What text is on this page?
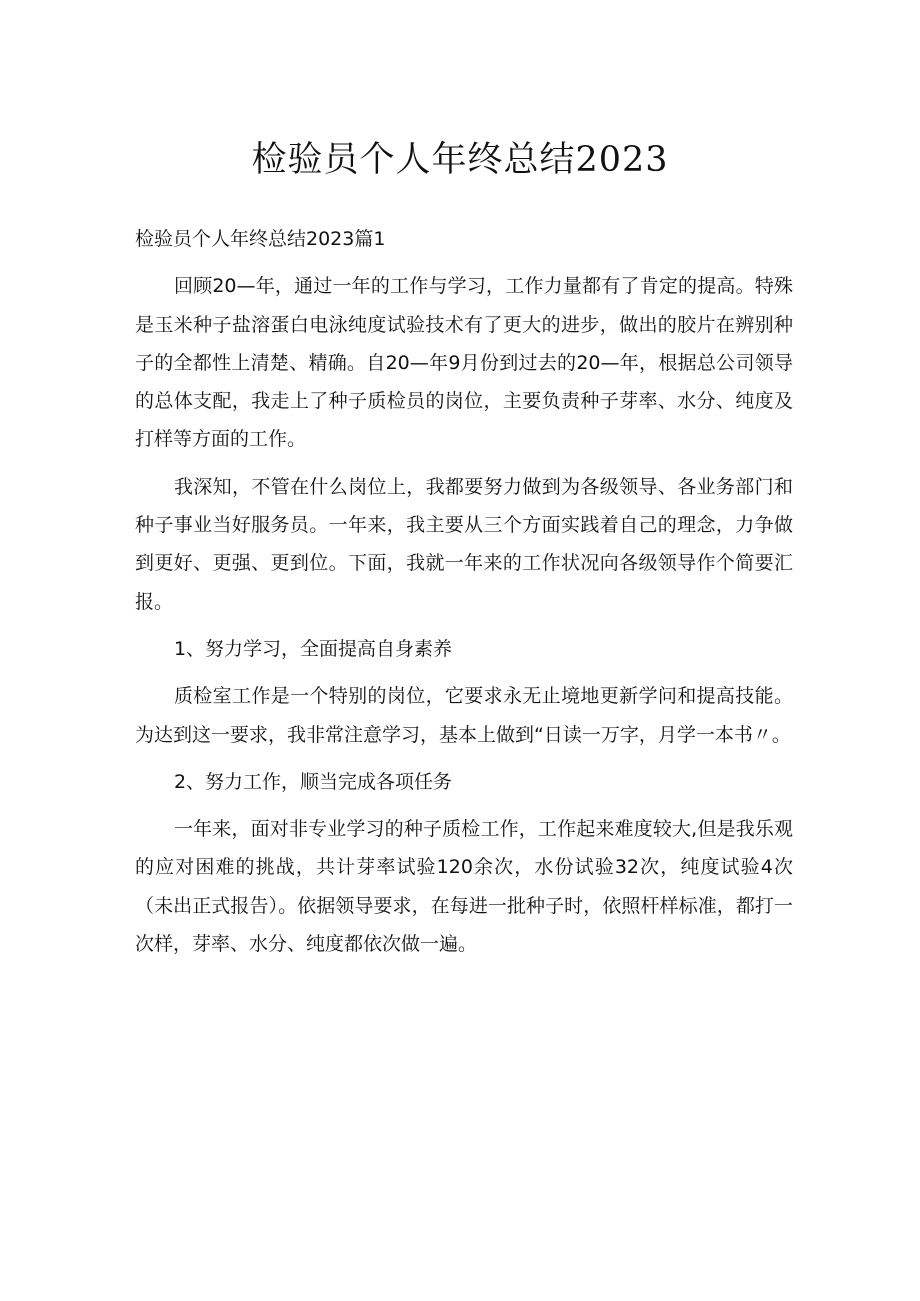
检验员个人年终总结2023

检验员个人年终总结2023篇1

回顾20—年，通过一年的工作与学习，工作力量都有了肯定的提高。特殊是玉米种子盐溶蛋白电泳纯度试验技术有了更大的进步，做出的胶片在辨别种子的全都性上清楚、精确。自20—年9月份到过去的20—年，根据总公司领导的总体支配，我走上了种子质检员的岗位，主要负责种子芽率、水分、纯度及打样等方面的工作。

我深知，不管在什么岗位上，我都要努力做到为各级领导、各业务部门和种子事业当好服务员。一年来，我主要从三个方面实践着自己的理念，力争做到更好、更强、更到位。下面，我就一年来的工作状况向各级领导作个简要汇报。

1、努力学习，全面提高自身素养

质检室工作是一个特别的岗位，它要求永无止境地更新学问和提高技能。为达到这一要求，我非常注意学习，基本上做到“日读一万字，月学一本书〃。

2、努力工作，顺当完成各项任务

一年来，面对非专业学习的种子质检工作，工作起来难度较大,但是我乐观的应对困难的挑战，共计芽率试验120余次，水份试验32次，纯度试验4次（未出正式报告）。依据领导要求，在每进一批种子时，依照杆样标准，都打一次样，芽率、水分、纯度都依次做一遍。
